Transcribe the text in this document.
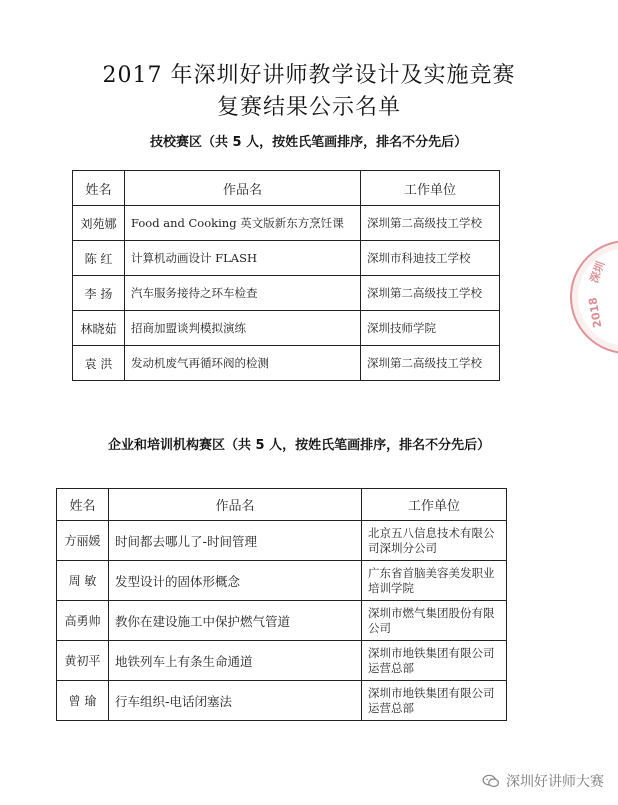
2017 年深圳好讲师教学设计及实施竞赛
复赛结果公示名单
技校赛区（共 5 人，按姓氏笔画排序，排名不分先后）
姓名	作品名	工作单位
刘苑娜	Food and Cooking 英文版新东方烹饪课	深圳第二高级技工学校
陈 红	计算机动画设计 FLASH	深圳市科迪技工学校
李 扬	汽车服务接待之环车检查	深圳第二高级技工学校
林晓茹	招商加盟谈判模拟演练	深圳技师学院
袁 洪	发动机废气再循环阀的检测	深圳第二高级技工学校
企业和培训机构赛区（共 5 人，按姓氏笔画排序，排名不分先后）
姓名	作品名	工作单位
方丽媛	时间都去哪儿了-时间管理	北京五八信息技术有限公司深圳分公司
周 敏	发型设计的固体形概念	广东省首脑美容美发职业培训学院
高勇帅	教你在建设施工中保护燃气管道	深圳市燃气集团股份有限公司
黄初平	地铁列车上有条生命通道	深圳市地铁集团有限公司运营总部
曾 瑜	行车组织-电话闭塞法	深圳市地铁集团有限公司运营总部
深圳
2018
深圳好讲师大赛
